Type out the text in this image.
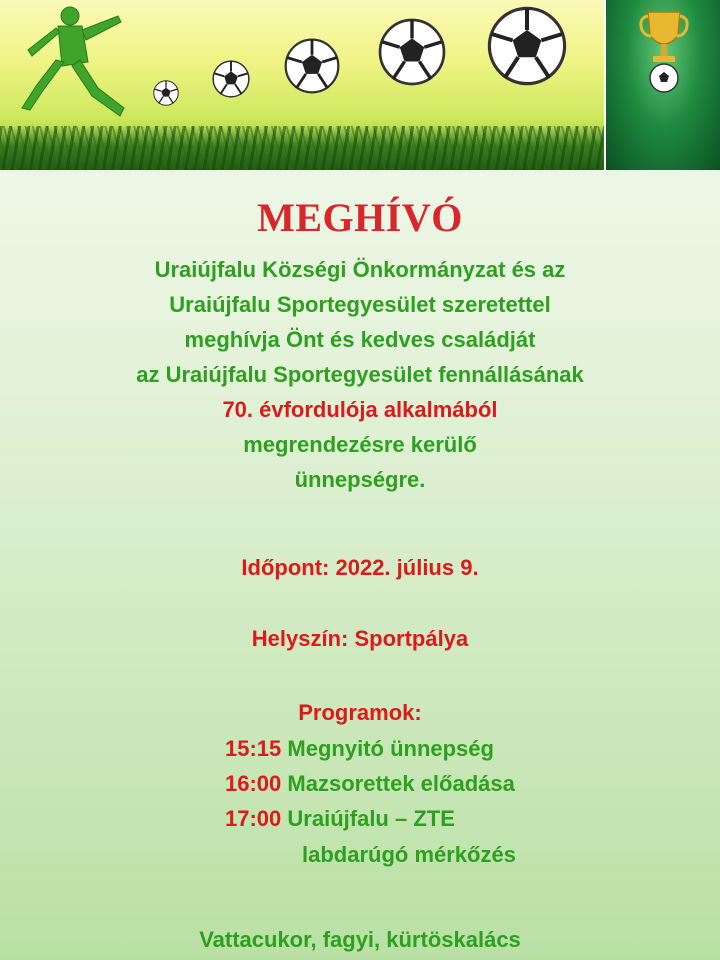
MEGHÍVÓ

Uraiújfalu Községi Önkormányzat és az

Uraiújfalu Sportegyesület szeretettel

meghívja Önt és kedves családját

az Uraiújfalu Sportegyesület fennállásának

70. évfordulója alkalmából

megrendezésre kerülő

ünnepségre.

Időpont: 2022. július 9.

Helyszín: Sportpálya

Programok:

15:15 Megnyitó ünnepség
16:00 Mazsorettek előadása
17:00 Uraiújfalu – ZTE
labdarúgó mérkőzés

Vattacukor, fagyi, kürtöskalács
